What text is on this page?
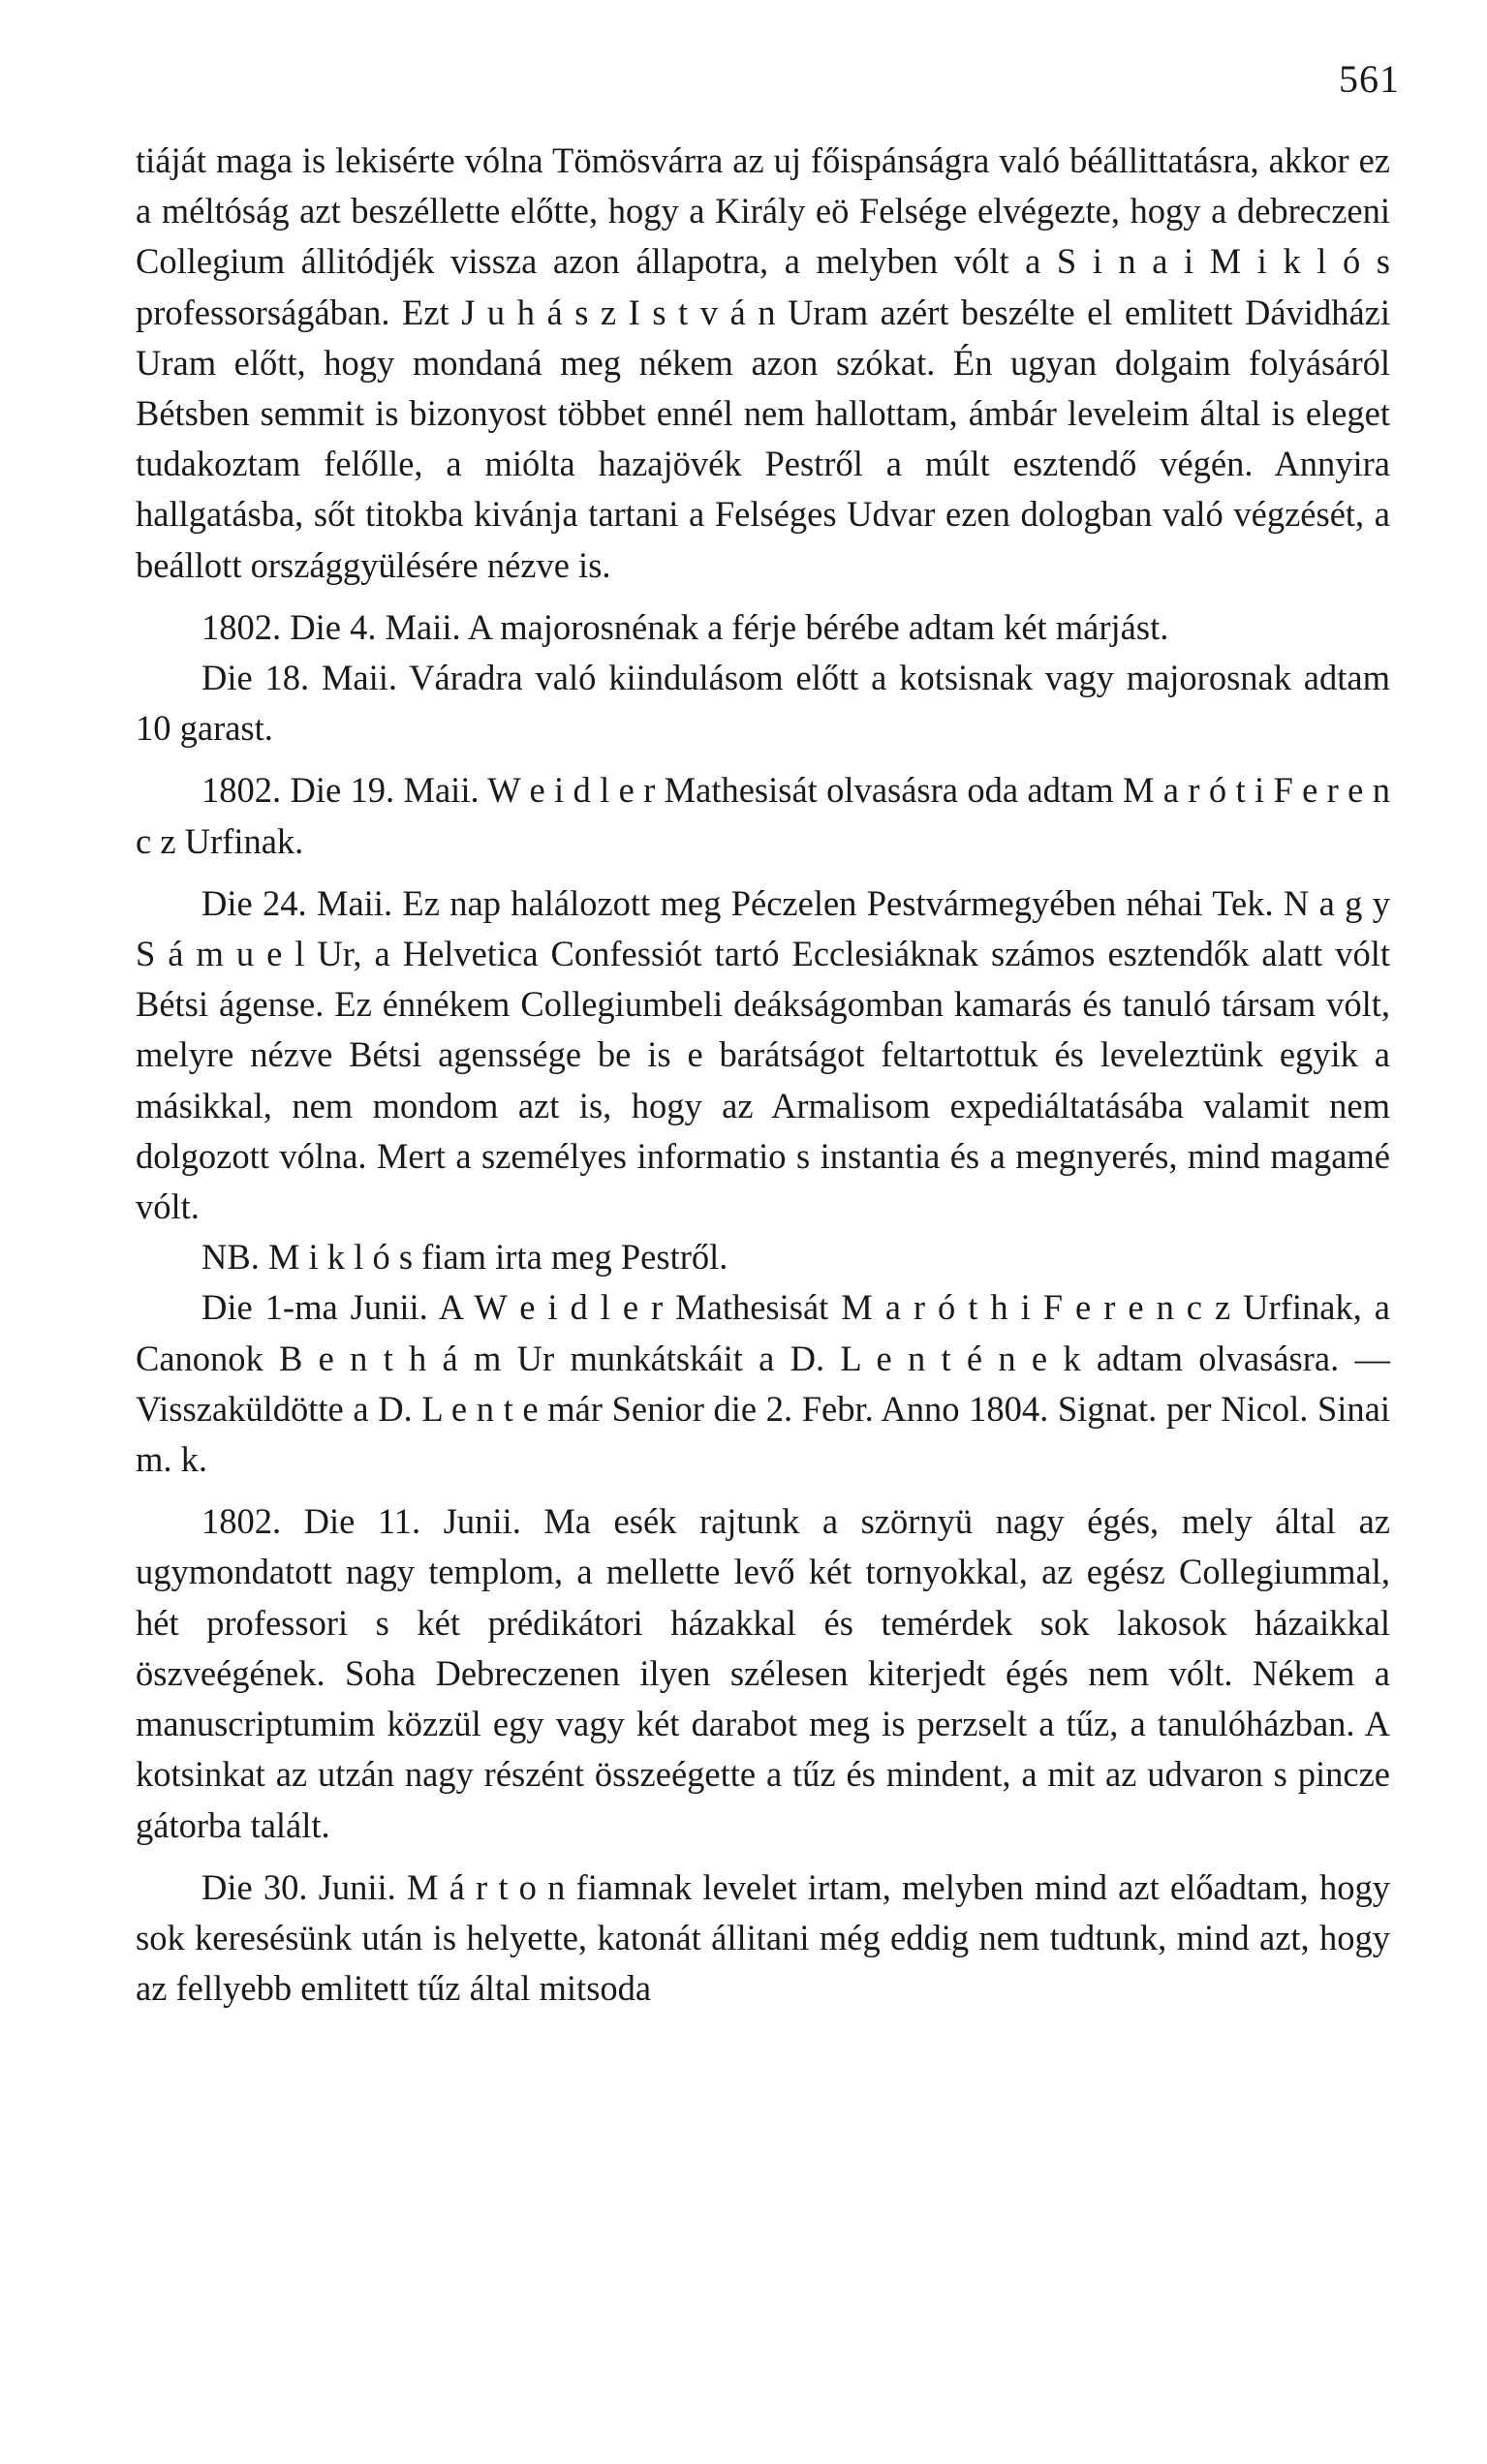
561

tiáját maga is lekisérte vólna Tömösvárra az uj főispánságra való béállittatásra, akkor ez a méltóság azt beszéllette előtte, hogy a Király eö Felsége elvégezte, hogy a debreczeni Collegium állitódjék vissza azon állapotra, a melyben vólt a S i n a i M i k l ó s professorságában. Ezt J u h á s z I s t v á n Uram azért beszélte el emlitett Dávidházi Uram előtt, hogy mondaná meg nékem azon szókat. Én ugyan dolgaim folyásáról Bétsben semmit is bizonyost többet ennél nem hallottam, ámbár leveleim által is eleget tudakoztam felőlle, a miólta hazajövék Pestről a múlt esztendő végén. Annyira hallgatásba, sőt titokba kivánja tartani a Felséges Udvar ezen dologban való végzését, a beállott országgyülésére nézve is.

1802. Die 4. Maii. A majorosnénak a férje bérébe adtam két márjást.

Die 18. Maii. Váradra való kiindulásom előtt a kotsisnak vagy majorosnak adtam 10 garast.

1802. Die 19. Maii. W e i d l e r Mathesisát olvasásra oda adtam M a r ó t i F e r e n c z Urfinak.

Die 24. Maii. Ez nap halálozott meg Péczelen Pestvármegyében néhai Tek. N a g y S á m u e l Ur, a Helvetica Confessiót tartó Ecclesiáknak számos esztendők alatt vólt Bétsi ágense. Ez énnékem Collegiumbeli deákságomban kamarás és tanuló társam vólt, melyre nézve Bétsi agenssége be is e barátságot feltartottuk és leveleztünk egyik a másikkal, nem mondom azt is, hogy az Armalisom expediáltatásába valamit nem dolgozott vólna. Mert a személyes informatio s instantia és a megnyerés, mind magamé vólt.

NB. M i k l ó s fiam irta meg Pestről.

Die 1-ma Junii. A W e i d l e r Mathesisát M a r ó t h i F e r e n c z Urfinak, a Canonok B e n t h á m Ur munkátskáit a D. L e n t é n e k adtam olvasásra. — Visszaküldötte a D. L e n t e már Senior die 2. Febr. Anno 1804. Signat. per Nicol. Sinai m. k.

1802. Die 11. Junii. Ma esék rajtunk a szörnyü nagy égés, mely által az ugymondatott nagy templom, a mellette levő két tornyokkal, az egész Collegiummal, hét professori s két prédikátori házakkal és temérdek sok lakosok házaikkal öszveégének. Soha Debreczenen ilyen szélesen kiterjedt égés nem vólt. Nékem a manuscriptumim közzül egy vagy két darabot meg is perzselt a tűz, a tanulóházban. A kotsinkat az utzán nagy részént összeégette a tűz és mindent, a mit az udvaron s pincze gátorba talált.

Die 30. Junii. M á r t o n fiamnak levelet irtam, melyben mind azt előadtam, hogy sok keresésünk után is helyette, katonát állitani még eddig nem tudtunk, mind azt, hogy az fellyebb emlitett tűz által mitsoda
